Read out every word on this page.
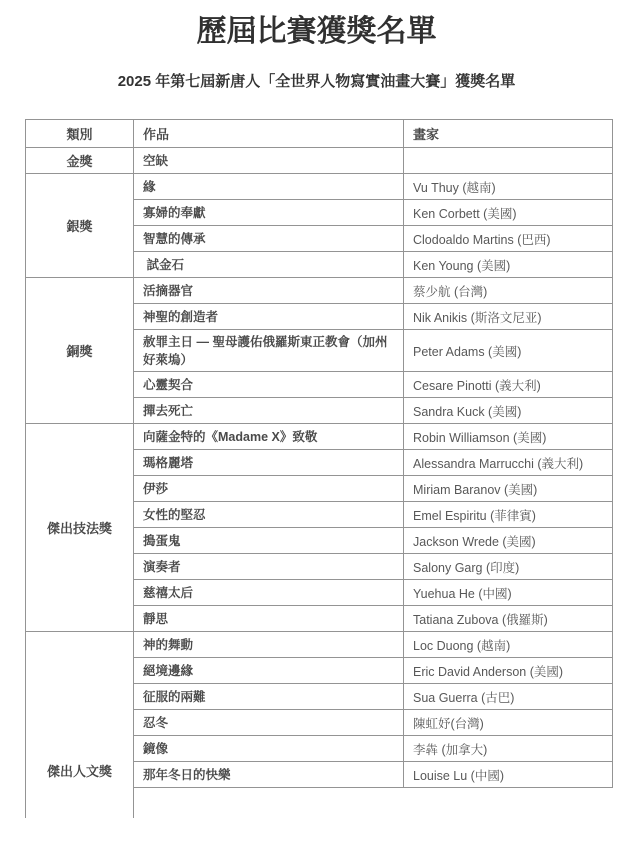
歷屆比賽獲獎名單
2025 年第七屆新唐人「全世界人物寫實油畫大賽」獲獎名單
類別	作品	畫家
金獎	空缺	
銀獎	緣	Vu Thuy (越南)
	寡婦的奉獻	Ken Corbett (美國)
	智慧的傳承	Clodoaldo Martins (巴西)
	試金石	Ken Young (美國)
銅獎	活摘器官	蔡少航 (台灣)
	神聖的創造者	Nik Anikis (斯洛文尼亚)
	赦罪主日 — 聖母護佑俄羅斯東正教會（加州好萊塢）	Peter Adams (美國)
	心靈契合	Cesare Pinotti (義大利)
	撣去死亡	Sandra Kuck (美國)
傑出技法獎	向薩金特的《Madame X》致敬	Robin Williamson (美國)
	瑪格麗塔	Alessandra Marrucchi (義大利)
	伊莎	Miriam Baranov (美國)
	女性的堅忍	Emel Espiritu (菲律賓)
	搗蛋鬼	Jackson Wrede (美國)
	演奏者	Salony Garg (印度)
	慈禧太后	Yuehua He (中國)
	靜思	Tatiana Zubova (俄羅斯)
傑出人文獎	神的舞動	Loc Duong (越南)
	絕境邊緣	Eric David Anderson (美國)
	征服的兩難	Sua Guerra (古巴)
	忍冬	陳虹妤(台灣)
	鏡像	李犇 (加拿大)
	那年冬日的快樂	Louise Lu (中國)
